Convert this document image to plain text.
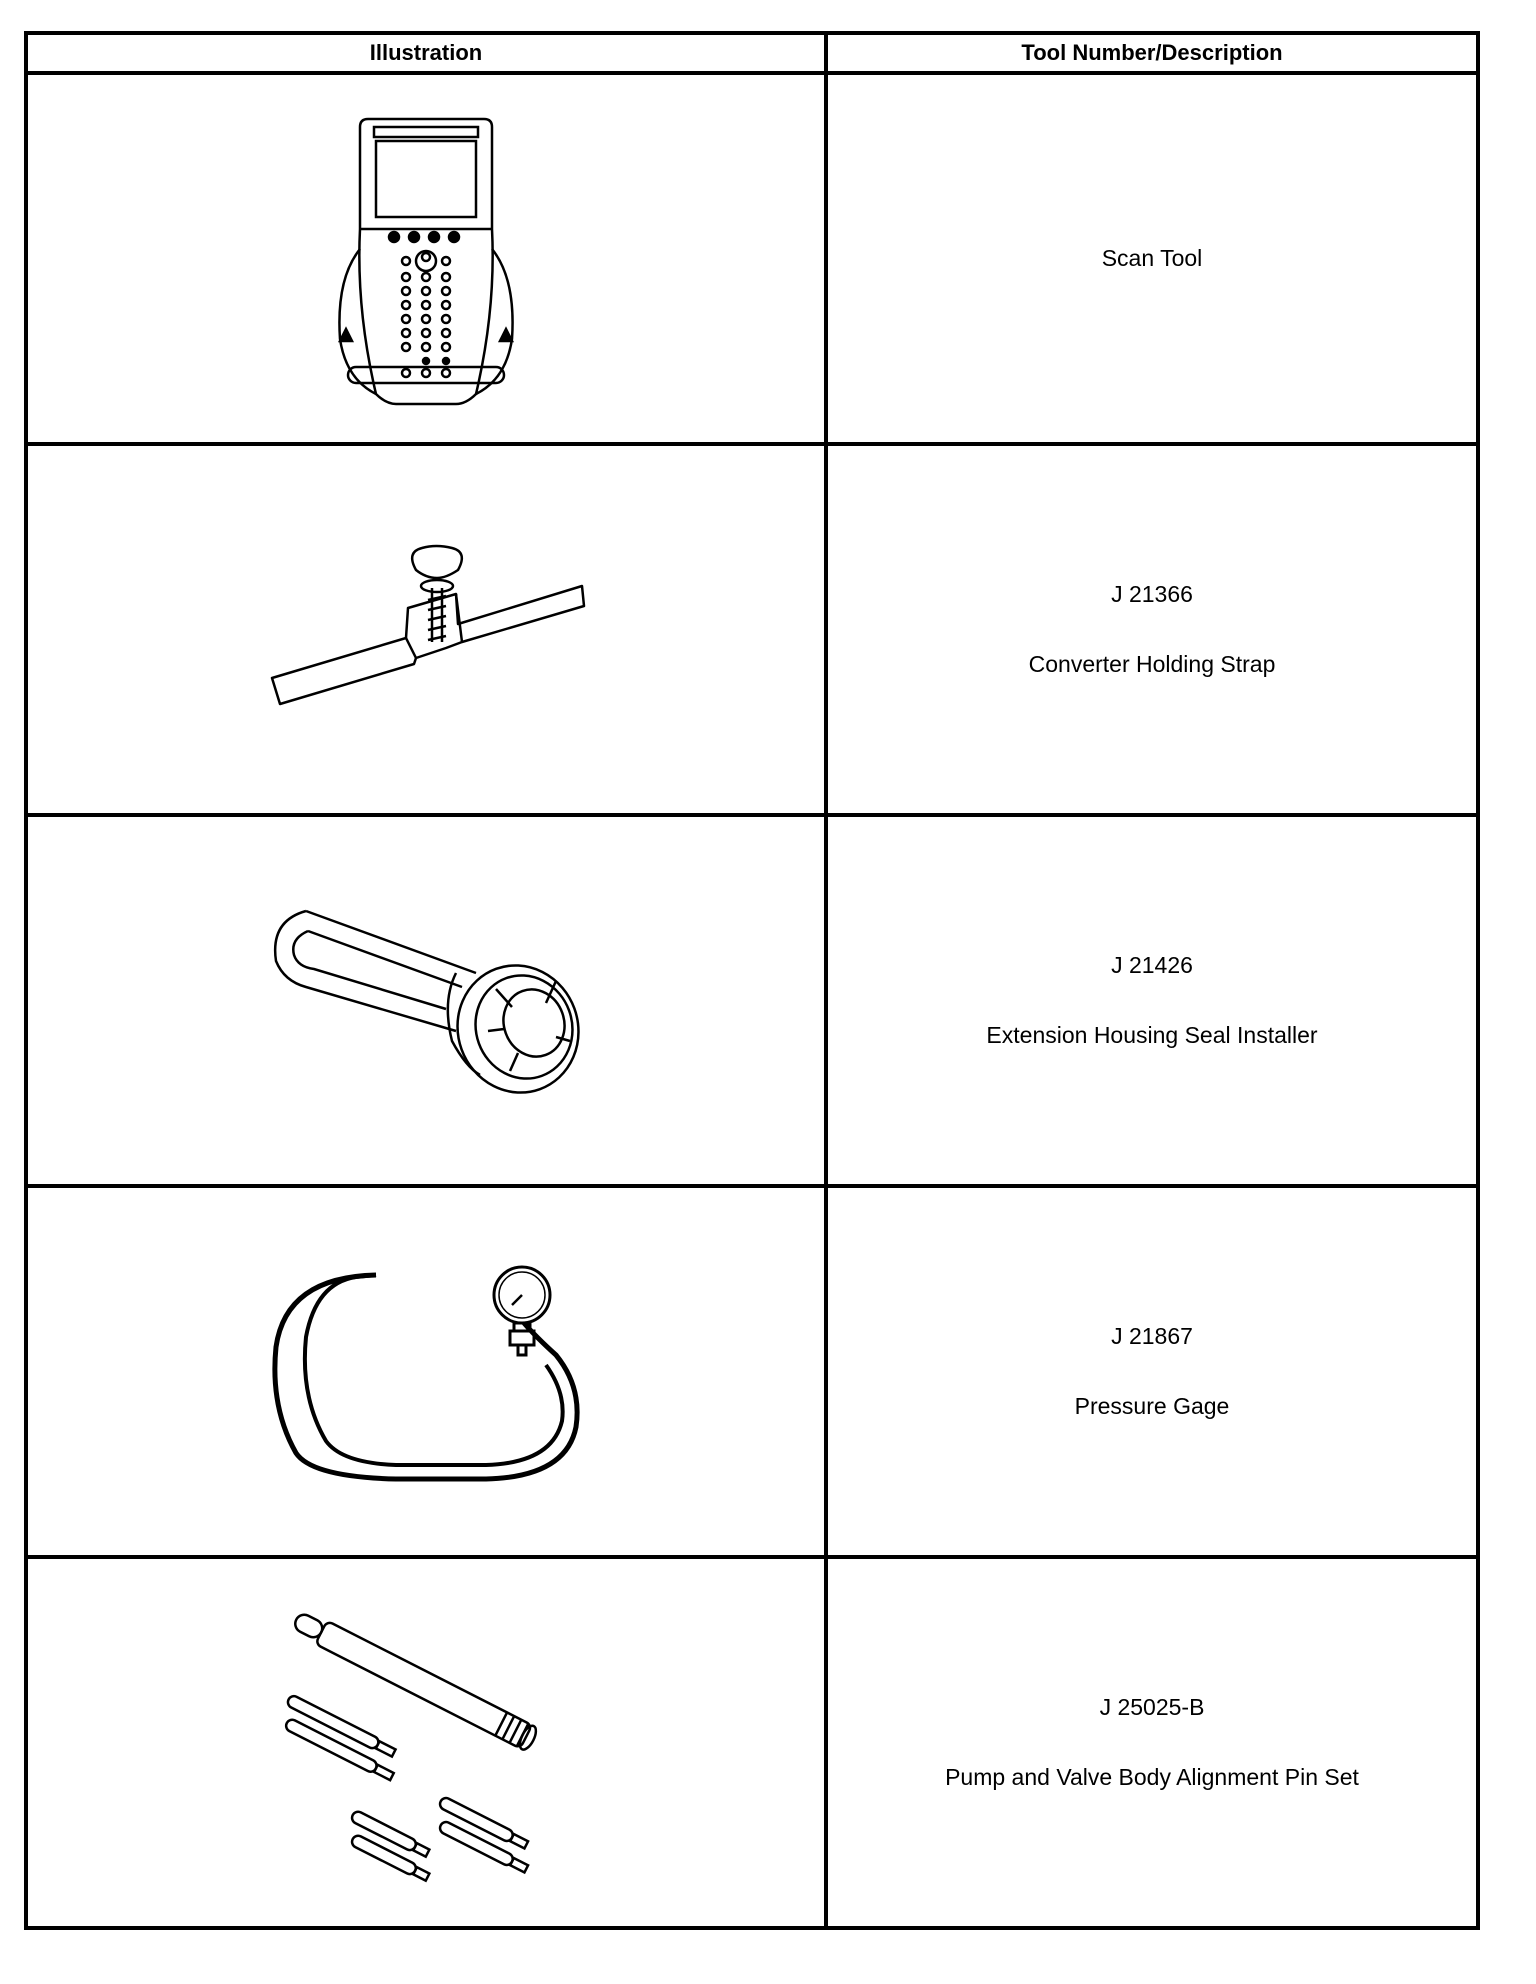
Illustration	Tool Number/Description

Scan Tool

J 21366
Converter Holding Strap

J 21426
Extension Housing Seal Installer

J 21867
Pressure Gage

J 25025-B
Pump and Valve Body Alignment Pin Set
